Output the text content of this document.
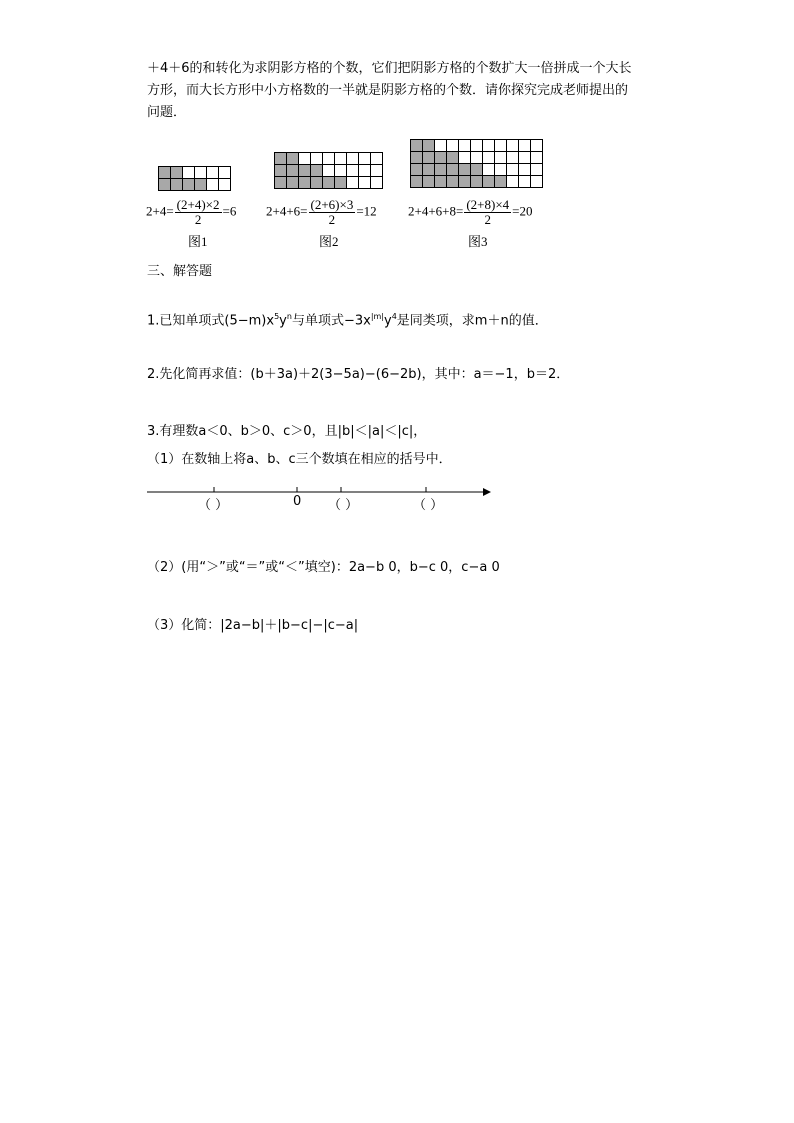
＋4＋6的和转化为求阴影方格的个数，它们把阴影方格的个数扩大一倍拼成一个大长
方形，而大长方形中小方格数的一半就是阴影方格的个数．请你探究完成老师提出的
问题．

$2+4= \frac{(2+4)\times 2}{2} =6$
图1

$2+4+6= \frac{(2+6)\times 3}{2} =12$
图2

$2+4+6+8= \frac{(2+8)\times 4}{2} =20$
图3
三、解答题
1.已知单项式$(5-m)x^5y^n$与单项式$-3x^{|m|}y^4$是同类项，求m＋n的值．
2.先化简再求值：(b＋3a)＋2(3−5a)−(6−2b)，其中：a＝−1，b＝2．
3.有理数a＜0、b＞0、c＞0，且|b|＜|a|＜|c|，
（1）在数轴上将a、b、c三个数填在相应的括号中．
（ ）	0 （ ）	（ ）
（2）(用“＞”或“＝”或“＜”填空)：2a−b 0，b−c 0，c−a 0
（3）化简：|2a−b|＋|b−c|−|c−a|
